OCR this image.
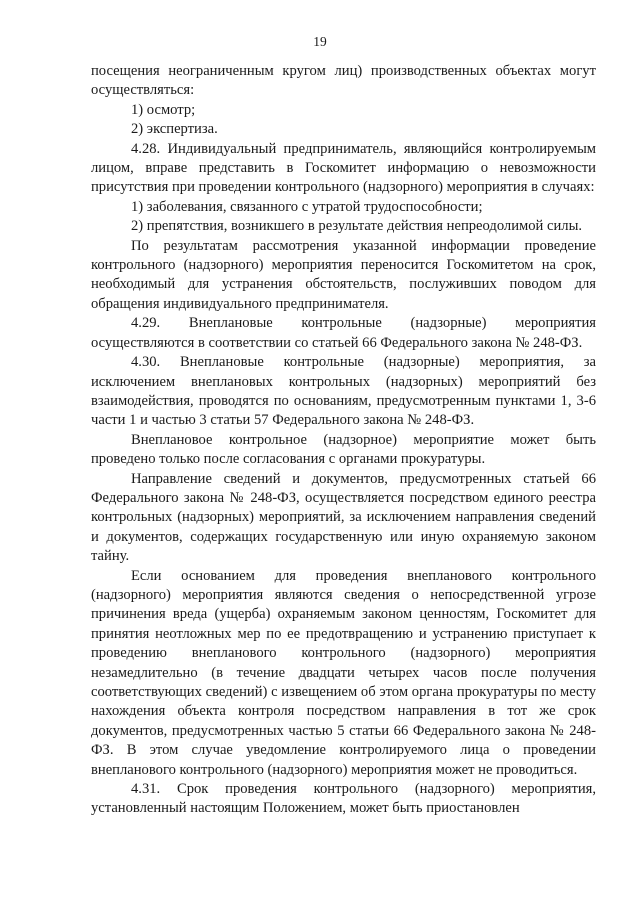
19

посещения неограниченным кругом лиц) производственных объектах могут осуществляться:

1) осмотр;

2) экспертиза.

4.28. Индивидуальный предприниматель, являющийся контролируемым лицом, вправе представить в Госкомитет информацию о невозможности присутствия при проведении контрольного (надзорного) мероприятия в случаях:

1) заболевания, связанного с утратой трудоспособности;

2) препятствия, возникшего в результате действия непреодолимой силы.

По результатам рассмотрения указанной информации проведение контрольного (надзорного) мероприятия переносится Госкомитетом на срок, необходимый для устранения обстоятельств, послуживших поводом для обращения индивидуального предпринимателя.

4.29. Внеплановые контрольные (надзорные) мероприятия осуществляются в соответствии со статьей 66 Федерального закона № 248-ФЗ.

4.30. Внеплановые контрольные (надзорные) мероприятия, за исключением внеплановых контрольных (надзорных) мероприятий без взаимодействия, проводятся по основаниям, предусмотренным пунктами 1, 3-6 части 1 и частью 3 статьи 57 Федерального закона № 248-ФЗ.

Внеплановое контрольное (надзорное) мероприятие может быть проведено только после согласования с органами прокуратуры.

Направление сведений и документов, предусмотренных статьей 66 Федерального закона № 248-ФЗ, осуществляется посредством единого реестра контрольных (надзорных) мероприятий, за исключением направления сведений и документов, содержащих государственную или иную охраняемую законом тайну.

Если основанием для проведения внепланового контрольного (надзорного) мероприятия являются сведения о непосредственной угрозе причинения вреда (ущерба) охраняемым законом ценностям, Госкомитет для принятия неотложных мер по ее предотвращению и устранению приступает к проведению внепланового контрольного (надзорного) мероприятия незамедлительно (в течение двадцати четырех часов после получения соответствующих сведений) с извещением об этом органа прокуратуры по месту нахождения объекта контроля посредством направления в тот же срок документов, предусмотренных частью 5 статьи 66 Федерального закона № 248-ФЗ. В этом случае уведомление контролируемого лица о проведении внепланового контрольного (надзорного) мероприятия может не проводиться.

4.31. Срок проведения контрольного (надзорного) мероприятия, установленный настоящим Положением, может быть приостановлен
